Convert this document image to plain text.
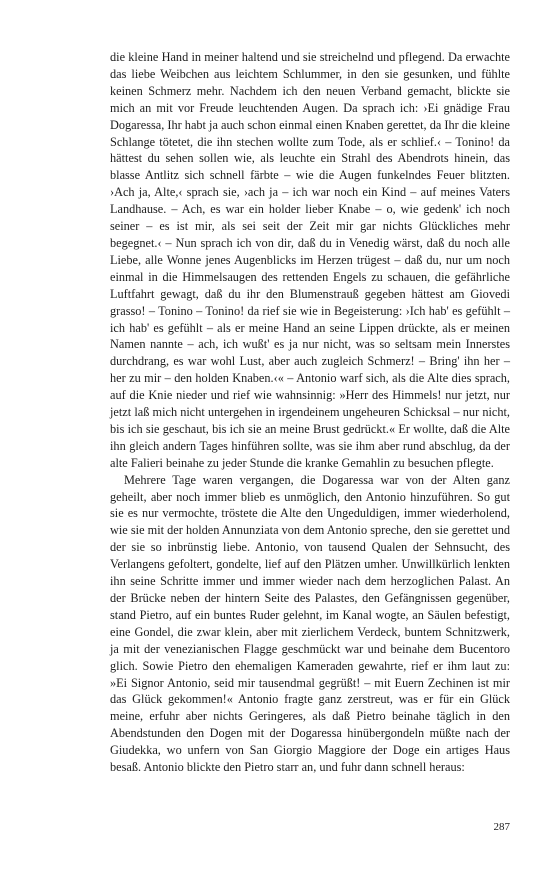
die kleine Hand in meiner haltend und sie streichelnd und pflegend. Da erwachte das liebe Weibchen aus leichtem Schlummer, in den sie gesunken, und fühlte keinen Schmerz mehr. Nachdem ich den neuen Verband gemacht, blickte sie mich an mit vor Freude leuchtenden Augen. Da sprach ich: ›Ei gnädige Frau Dogaressa, Ihr habt ja auch schon einmal einen Knaben gerettet, da Ihr die kleine Schlange tötetet, die ihn stechen wollte zum Tode, als er schlief.‹ – Tonino! da hättest du sehen sollen wie, als leuchte ein Strahl des Abendrots hinein, das blasse Antlitz sich schnell färbte – wie die Augen funkelndes Feuer blitzten. ›Ach ja, Alte,‹ sprach sie, ›ach ja – ich war noch ein Kind – auf meines Vaters Landhause. – Ach, es war ein holder lieber Knabe – o, wie gedenk' ich noch seiner – es ist mir, als sei seit der Zeit mir gar nichts Glückliches mehr begegnet.‹ – Nun sprach ich von dir, daß du in Venedig wärst, daß du noch alle Liebe, alle Wonne jenes Augenblicks im Herzen trügest – daß du, nur um noch einmal in die Himmelsaugen des rettenden Engels zu schauen, die gefährliche Luftfahrt gewagt, daß du ihr den Blumenstrauß gegeben hättest am Giovedi grasso! – Tonino – Tonino! da rief sie wie in Begeisterung: ›Ich hab' es gefühlt – ich hab' es gefühlt – als er meine Hand an seine Lippen drückte, als er meinen Namen nannte – ach, ich wußt' es ja nur nicht, was so seltsam mein Innerstes durchdrang, es war wohl Lust, aber auch zugleich Schmerz! – Bring' ihn her – her zu mir – den holden Knaben.‹« – Antonio warf sich, als die Alte dies sprach, auf die Knie nieder und rief wie wahnsinnig: »Herr des Himmels! nur jetzt, nur jetzt laß mich nicht untergehen in irgendeinem ungeheuren Schicksal – nur nicht, bis ich sie geschaut, bis ich sie an meine Brust gedrückt.« Er wollte, daß die Alte ihn gleich andern Tages hinführen sollte, was sie ihm aber rund abschlug, da der alte Falieri beinahe zu jeder Stunde die kranke Gemahlin zu besuchen pflegte.

Mehrere Tage waren vergangen, die Dogaressa war von der Alten ganz geheilt, aber noch immer blieb es unmöglich, den Antonio hinzuführen. So gut sie es nur vermochte, tröstete die Alte den Ungeduldigen, immer wiederholend, wie sie mit der holden Annunziata von dem Antonio spreche, den sie gerettet und der sie so inbrünstig liebe. Antonio, von tausend Qualen der Sehnsucht, des Verlangens gefoltert, gondelte, lief auf den Plätzen umher. Unwillkürlich lenkten ihn seine Schritte immer und immer wieder nach dem herzoglichen Palast. An der Brücke neben der hintern Seite des Palastes, den Gefängnissen gegenüber, stand Pietro, auf ein buntes Ruder gelehnt, im Kanal wogte, an Säulen befestigt, eine Gondel, die zwar klein, aber mit zierlichem Verdeck, buntem Schnitzwerk, ja mit der venezianischen Flagge geschmückt war und beinahe dem Bucentoro glich. Sowie Pietro den ehemaligen Kameraden gewahrte, rief er ihm laut zu: »Ei Signor Antonio, seid mir tausendmal gegrüßt! – mit Euern Zechinen ist mir das Glück gekommen!« Antonio fragte ganz zerstreut, was er für ein Glück meine, erfuhr aber nichts Geringeres, als daß Pietro beinahe täglich in den Abendstunden den Dogen mit der Dogaressa hinübergondeln müßte nach der Giudekka, wo unfern von San Giorgio Maggiore der Doge ein artiges Haus besaß. Antonio blickte den Pietro starr an, und fuhr dann schnell heraus:

287
